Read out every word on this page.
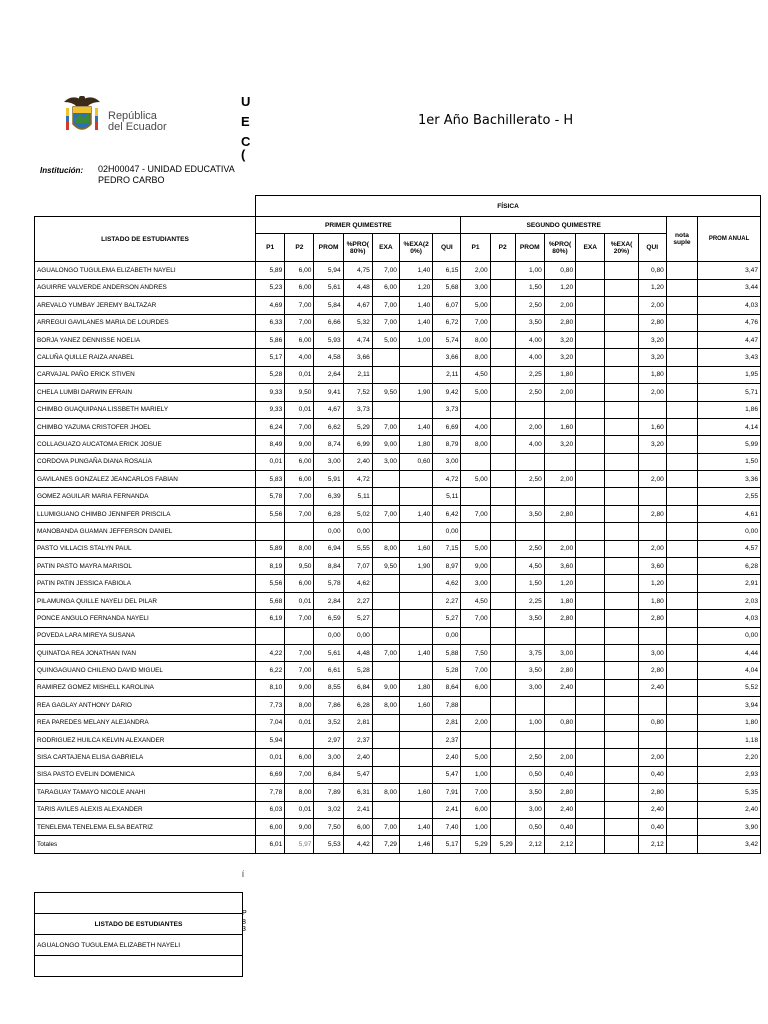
República
del Ecuador
U
E
C
(
1er Año Bachillerato - H
Institución: 02H00047 - UNIDAD EDUCATIVA PEDRO CARBO
	FÍSICA															
LISTADO DE ESTUDIANTES	PRIMER QUIMESTRE							SEGUNDO QUIMESTRE							nota suple	PROM ANUAL
	P1	P2	PROM	%PRO( 80%)	EXA	%EXA(2 0%)	QUI	P1	P2	PROM	%PRO( 80%)	EXA	%EXA( 20%)	QUI		
AGUALONGO TUGULEMA ELIZABETH NAYELI	5,89	6,00	5,94	4,75	7,00	1,40	6,15	2,00		1,00	0,80			0,80		3,47
AGUIRRE VALVERDE ANDERSON ANDRES	5,23	6,00	5,61	4,48	6,00	1,20	5,68	3,00		1,50	1,20			1,20		3,44
AREVALO YUMBAY JEREMY BALTAZAR	4,69	7,00	5,84	4,67	7,00	1,40	6,07	5,00		2,50	2,00			2,00		4,03
ARREGUI GAVILANES MARIA DE LOURDES	6,33	7,00	6,66	5,32	7,00	1,40	6,72	7,00		3,50	2,80			2,80		4,76
BORJA YANEZ DENNISSE NOELIA	5,86	6,00	5,93	4,74	5,00	1,00	5,74	8,00		4,00	3,20			3,20		4,47
CALUÑA QUILLE RAIZA ANABEL	5,17	4,00	4,58	3,66			3,66	8,00		4,00	3,20			3,20		3,43
CARVAJAL PAÑO ERICK STIVEN	5,28	0,01	2,64	2,11			2,11	4,50		2,25	1,80			1,80		1,95
CHELA LUMBI DARWIN EFRAIN	9,33	9,50	9,41	7,52	9,50	1,90	9,42	5,00		2,50	2,00			2,00		5,71
CHIMBO GUAQUIPANA LISSBETH MARIELY	9,33	0,01	4,67	3,73			3,73									1,86
CHIMBO YAZUMA CRISTOFER JHOEL	6,24	7,00	6,62	5,29	7,00	1,40	6,69	4,00		2,00	1,60			1,60		4,14
COLLAGUAZO AUCATOMA ERICK JOSUE	8,49	9,00	8,74	6,99	9,00	1,80	8,79	8,00		4,00	3,20			3,20		5,99
CORDOVA PUNGAÑA DIANA ROSALIA	0,01	6,00	3,00	2,40	3,00	0,60	3,00									1,50
GAVILANES GONZALEZ JEANCARLOS FABIAN	5,83	6,00	5,91	4,72			4,72	5,00		2,50	2,00			2,00		3,36
GOMEZ AGUILAR MARIA FERNANDA	5,78	7,00	6,39	5,11			5,11									2,55
LLUMIGUANO CHIMBO JENNIFER PRISCILA	5,56	7,00	6,28	5,02	7,00	1,40	6,42	7,00		3,50	2,80			2,80		4,61
MANOBANDA GUAMAN JEFFERSON DANIEL			0,00	0,00			0,00									0,00
PASTO VILLACIS STALYN PAUL	5,89	8,00	6,94	5,55	8,00	1,60	7,15	5,00		2,50	2,00			2,00		4,57
PATIN PASTO MAYRA MARISOL	8,19	9,50	8,84	7,07	9,50	1,90	8,97	9,00		4,50	3,60			3,60		6,28
PATIN PATIN JESSICA FABIOLA	5,56	6,00	5,78	4,62			4,62	3,00		1,50	1,20			1,20		2,91
PILAMUNGA QUILLE NAYELI DEL PILAR	5,68	0,01	2,84	2,27			2,27	4,50		2,25	1,80			1,80		2,03
PONCE ANGULO FERNANDA NAYELI	6,19	7,00	6,59	5,27			5,27	7,00		3,50	2,80			2,80		4,03
POVEDA LARA MIREYA SUSANA			0,00	0,00			0,00									0,00
QUINATOA REA JONATHAN IVAN	4,22	7,00	5,61	4,48	7,00	1,40	5,88	7,50		3,75	3,00			3,00		4,44
QUINGAGUANO CHILENO DAVID MIGUEL	6,22	7,00	6,61	5,28			5,28	7,00		3,50	2,80			2,80		4,04
RAMIREZ GOMEZ MISHELL KAROLINA	8,10	9,00	8,55	6,84	9,00	1,80	8,64	6,00		3,00	2,40			2,40		5,52
REA GAGLAY ANTHONY DARIO	7,73	8,00	7,86	6,28	8,00	1,60	7,88									3,94
REA PAREDES MELANY ALEJANDRA	7,04	0,01	3,52	2,81			2,81	2,00		1,00	0,80			0,80		1,80
RODRIGUEZ HUILCA KELVIN ALEXANDER	5,94		2,97	2,37			2,37									1,18
SISA CARTAJENA ELISA GABRIELA	0,01	6,00	3,00	2,40			2,40	5,00		2,50	2,00			2,00		2,20
SISA PASTO EVELIN DOMENICA	6,69	7,00	6,84	5,47			5,47	1,00		0,50	0,40			0,40		2,93
TARAGUAY TAMAYO NICOLE ANAHI	7,78	8,00	7,89	6,31	8,00	1,60	7,91	7,00		3,50	2,80			2,80		5,35
TARIS AVILES ALEXIS ALEXANDER	6,03	0,01	3,02	2,41			2,41	6,00		3,00	2,40			2,40		2,40
TENELEMA TENELEMA ELSA BEATRIZ	6,00	9,00	7,50	6,00	7,00	1,40	7,40	1,00		0,50	0,40			0,40		3,90
Totales	6,01	5,97	5,53	4,42	7,29	1,46	5,17	5,29	5,29	2,12	2,12			2,12		3,42

LISTADO DE ESTUDIANTES
AGUALONGO TUGULEMA ELIZABETH NAYELI

Í
P
8
3
